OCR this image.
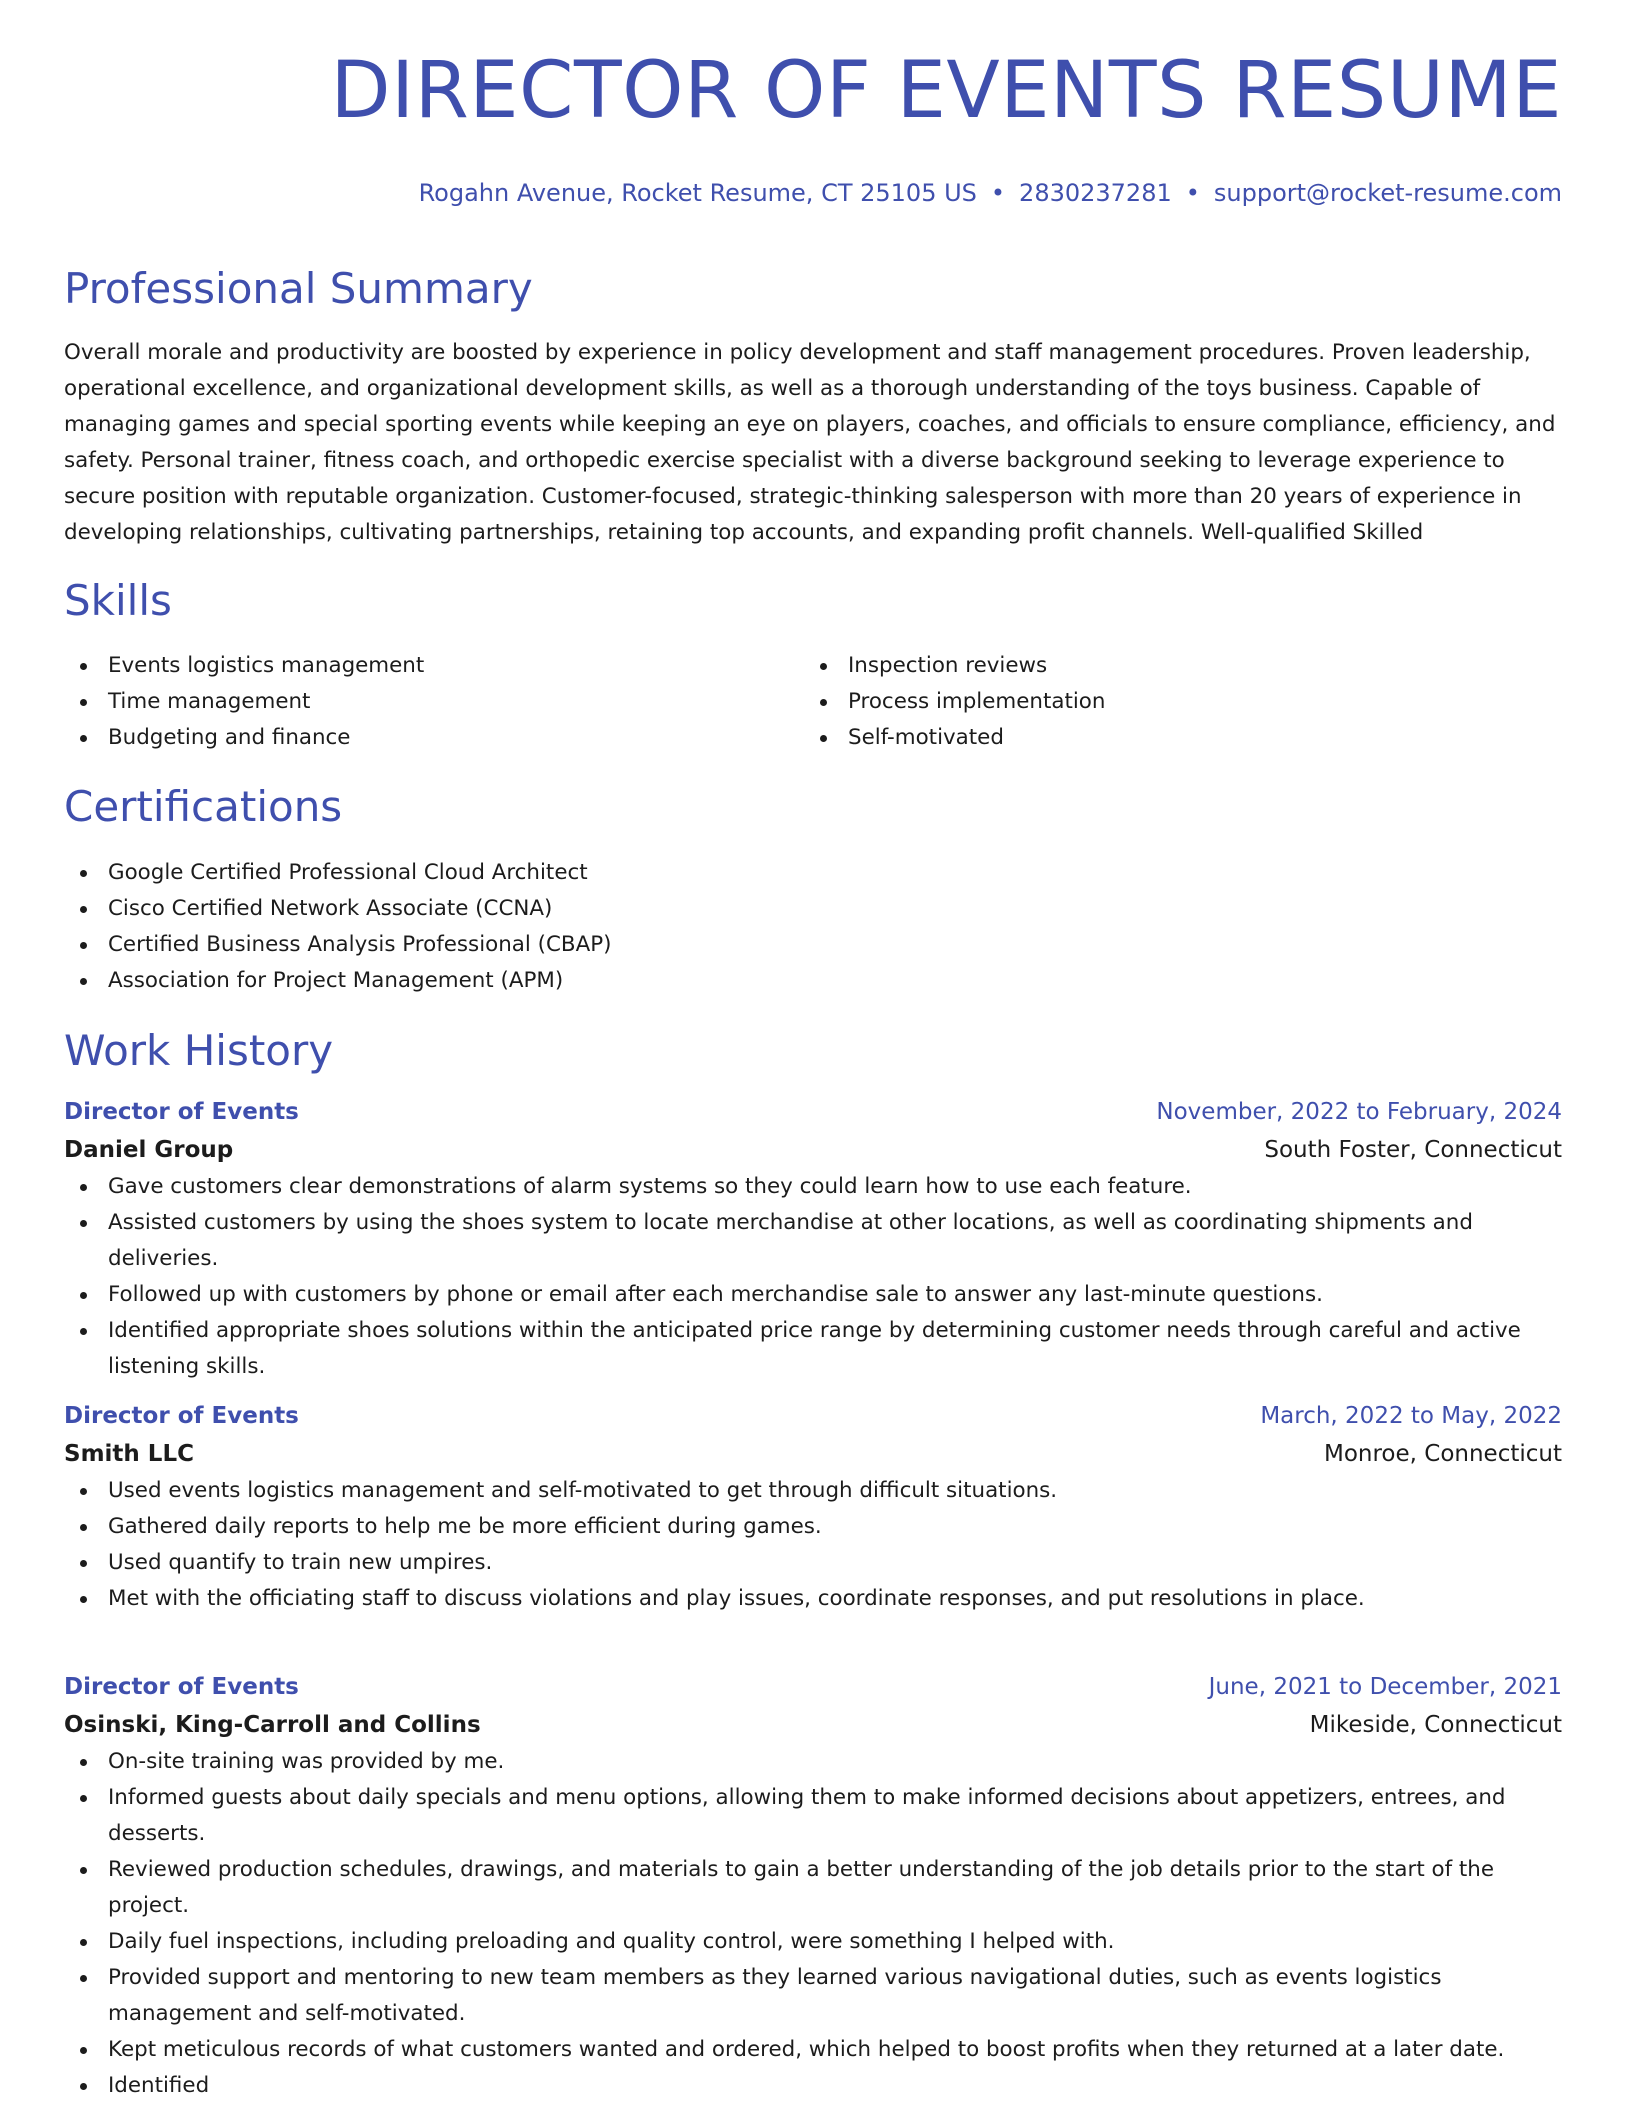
DIRECTOR OF EVENTS RESUME
Rogahn Avenue, Rocket Resume, CT 25105 US • 2830237281 • support@rocket-resume.com
Professional Summary

Overall morale and productivity are boosted by experience in policy development and staff management procedures. Proven leadership, operational excellence, and organizational development skills, as well as a thorough understanding of the toys business. Capable of managing games and special sporting events while keeping an eye on players, coaches, and officials to ensure compliance, efficiency, and safety. Personal trainer, fitness coach, and orthopedic exercise specialist with a diverse background seeking to leverage experience to secure position with reputable organization. Customer-focused, strategic-thinking salesperson with more than 20 years of experience in developing relationships, cultivating partnerships, retaining top accounts, and expanding profit channels. Well-qualified Skilled

Skills
Events logistics management
Time management
Budgeting and finance
Inspection reviews
Process implementation
Self-motivated
Certifications
Google Certified Professional Cloud Architect
Cisco Certified Network Associate (CCNA)
Certified Business Analysis Professional (CBAP)
Association for Project Management (APM)
Work History
Director of Events	November, 2022 to February, 2024
Daniel Group	South Foster, Connecticut
Gave customers clear demonstrations of alarm systems so they could learn how to use each feature.
Assisted customers by using the shoes system to locate merchandise at other locations, as well as coordinating shipments and deliveries.
Followed up with customers by phone or email after each merchandise sale to answer any last-minute questions.
Identified appropriate shoes solutions within the anticipated price range by determining customer needs through careful and active listening skills.
Director of Events	March, 2022 to May, 2022
Smith LLC	Monroe, Connecticut
Used events logistics management and self-motivated to get through difficult situations.
Gathered daily reports to help me be more efficient during games.
Used quantify to train new umpires.
Met with the officiating staff to discuss violations and play issues, coordinate responses, and put resolutions in place.
Director of Events	June, 2021 to December, 2021
Osinski, King-Carroll and Collins	Mikeside, Connecticut
On-site training was provided by me.
Informed guests about daily specials and menu options, allowing them to make informed decisions about appetizers, entrees, and desserts.
Reviewed production schedules, drawings, and materials to gain a better understanding of the job details prior to the start of the project.
Daily fuel inspections, including preloading and quality control, were something I helped with.
Provided support and mentoring to new team members as they learned various navigational duties, such as events logistics management and self-motivated.
Kept meticulous records of what customers wanted and ordered, which helped to boost profits when they returned at a later date.
Identified
